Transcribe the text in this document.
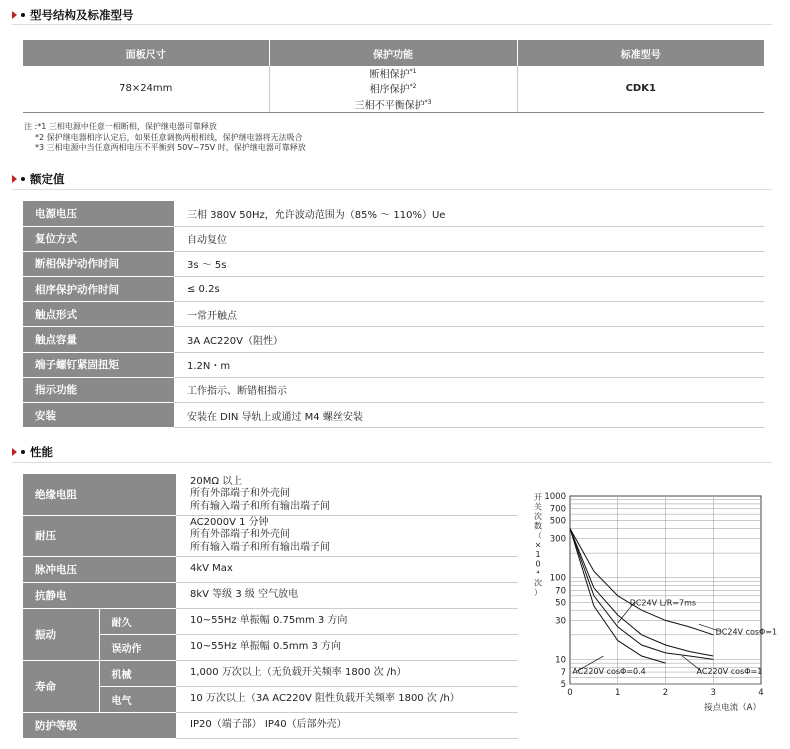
型号结构及标准型号
面板尺寸	保护功能	标准型号
78×24mm	断相保护$^{*1}$
相序保护$^{*2}$
三相不平衡保护$^{*3}$	CDK1
注 :*1 三相电源中任意一相断相，保护继电器可靠释放
*2 保护继电器相序认定后，如果任意调换两根相线，保护继电器将无法吸合
*3 三相电源中当任意两相电压不平衡到 50V~75V 时，保护继电器可靠释放
额定值
电源电压	三相 380V 50Hz，允许波动范围为（85% ～ 110%）Ue
复位方式	自动复位
断相保护动作时间	3s ～ 5s
相序保护动作时间	≤ 0.2s
触点形式	一常开触点
触点容量	3A AC220V（阻性）
端子螺钉紧固扭矩	1.2N・m
指示功能	工作指示、断错相指示
安装	安装在 DIN 导轨上或通过 M4 螺丝安装
性能
绝缘电阻		20MΩ 以上
所有外部端子和外壳间
所有输入端子和所有输出端子间

耐压		AC2000V 1 分钟
所有外部端子和外壳间
所有输入端子和所有输出端子间

脉冲电压		4kV Max
抗静电		8kV 等级 3 级 空气放电
振动	耐久	10~55Hz 单振幅 0.75mm 3 方向
	误动作	10~55Hz 单振幅 0.5mm 3 方向
寿命	机械	1,000 万次以上（无负载开关频率 1800 次 /h）
	电气	10 万次以上（3A AC220V 阻性负载开关频率 1800 次 /h）
防护等级		IP20（端子部） IP40（后部外壳）
1000
700
500
300
100
70
50
30
10
7
5
0	1	2	3	4
开
关
次
数
（
×
1
0
⁴
次
）
接点电流（A）
DC24V cosΦ=1
DC24V L/R=7ms
AC220V cosΦ=1
AC220V cosΦ=0.4
